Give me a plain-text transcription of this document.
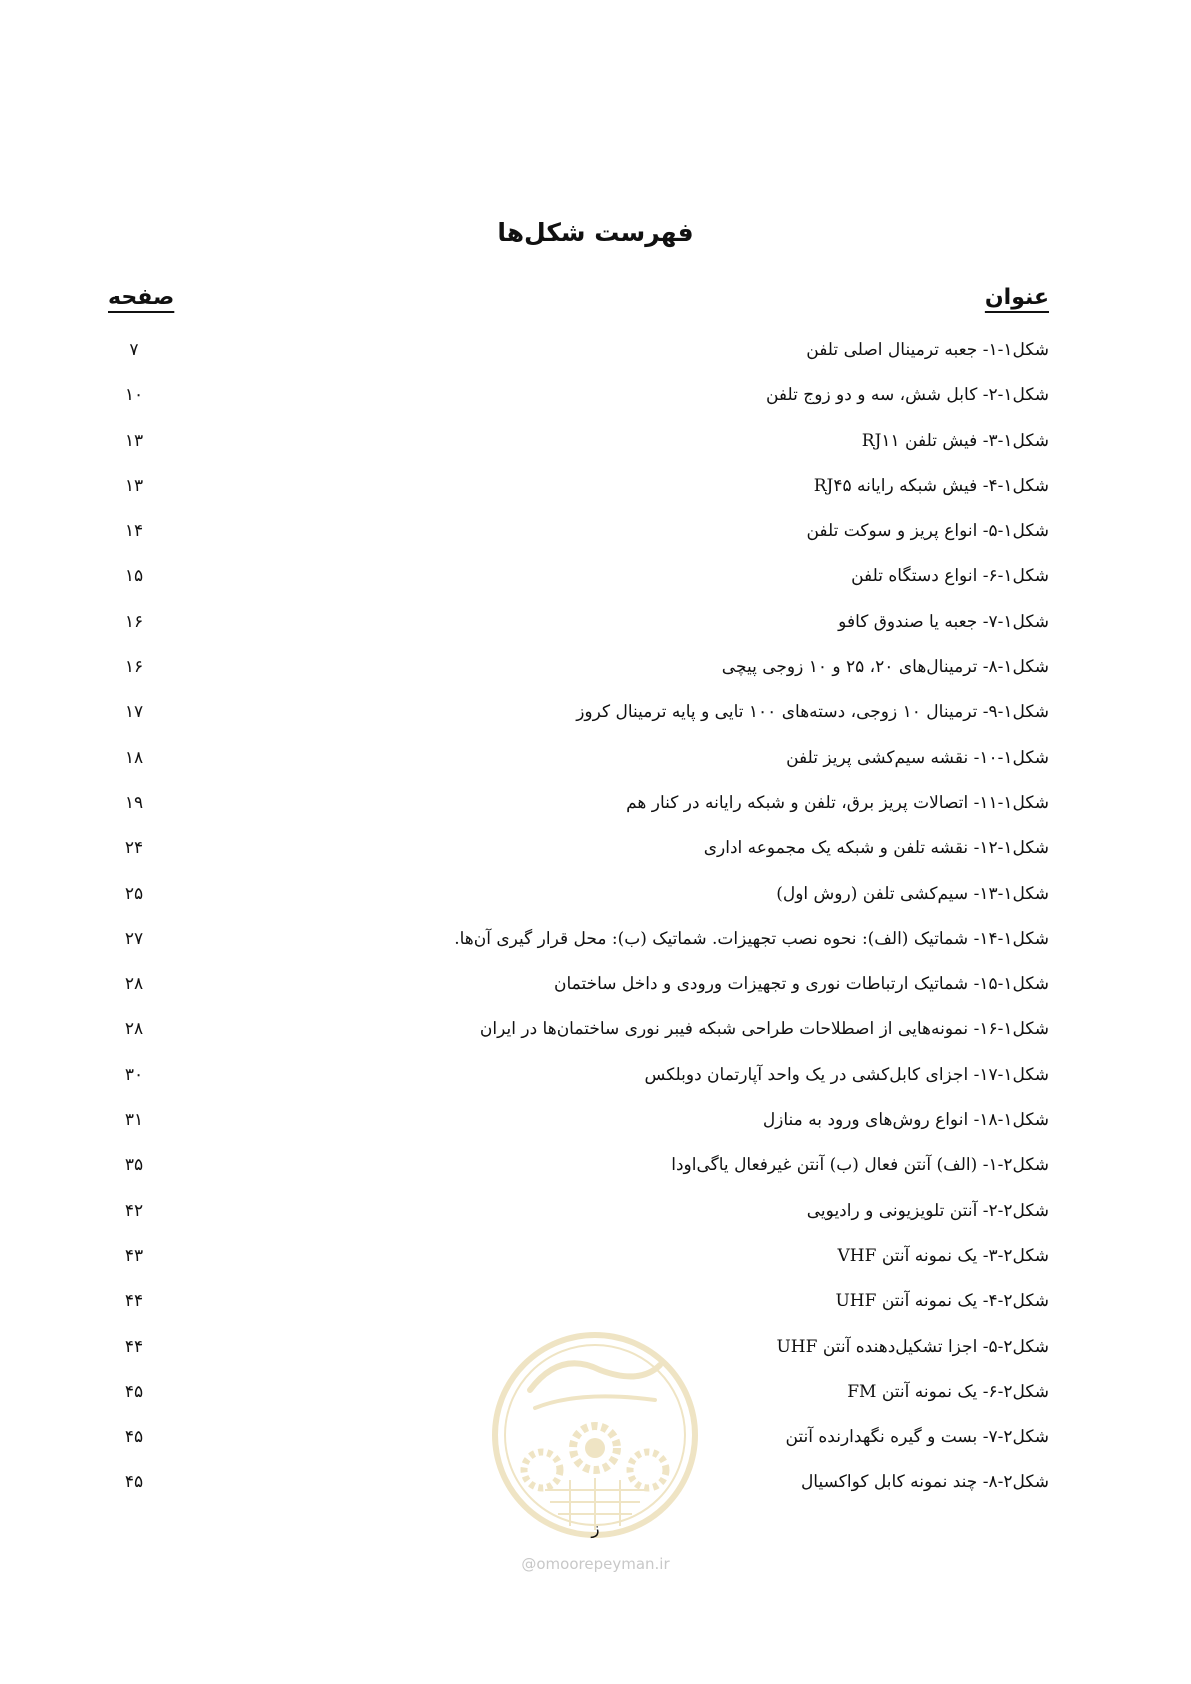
فهرست شکل‌ها
عنوان
صفحه
شکل۱-۱- جعبه ترمینال اصلی تلفن
۷
شکل۱-۲- کابل شش، سه و دو زوج تلفن
۱۰
شکل۱-۳- فیش تلفن RJ۱۱
۱۳
شکل۱-۴- فیش شبکه رایانه RJ۴۵
۱۳
شکل۱-۵- انواع پریز و سوکت تلفن
۱۴
شکل۱-۶- انواع دستگاه تلفن
۱۵
شکل۱-۷- جعبه یا صندوق کافو
۱۶
شکل۱-۸- ترمینال‌های ۲۰، ۲۵ و ۱۰ زوجی پیچی
۱۶
شکل۱-۹- ترمینال ۱۰ زوجی، دسته‌های ۱۰۰ تایی و پایه ترمینال کروز
۱۷
شکل۱-۱۰- نقشه سیم‌کشی پریز تلفن
۱۸
شکل۱-۱۱- اتصالات پریز برق، تلفن و شبکه رایانه در کنار هم
۱۹
شکل۱-۱۲- نقشه تلفن و شبکه یک مجموعه اداری
۲۴
شکل۱-۱۳- سیم‌کشی تلفن (روش اول)
۲۵
شکل۱-۱۴- شماتیک (الف): نحوه نصب تجهیزات. شماتیک (ب): محل قرار گیری آن‌ها.
۲۷
شکل۱-۱۵- شماتیک ارتباطات نوری و تجهیزات ورودی و داخل ساختمان
۲۸
شکل۱-۱۶- نمونه‌هایی از اصطلاحات طراحی شبکه فیبر نوری ساختمان‌ها در ایران
۲۸
شکل۱-۱۷- اجزای کابل‌کشی در یک واحد آپارتمان دوبلکس
۳۰
شکل۱-۱۸- انواع روش‌های ورود به منازل
۳۱
شکل۲-۱- (الف) آنتن فعال (ب) آنتن غیرفعال یاگی‌اودا
۳۵
شکل۲-۲- آنتن تلویزیونی و رادیویی
۴۲
شکل۲-۳- یک نمونه آنتن VHF
۴۳
شکل۲-۴- یک نمونه آنتن UHF
۴۴
شکل۲-۵- اجزا تشکیل‌دهنده آنتن UHF
۴۴
شکل۲-۶- یک نمونه آنتن FM
۴۵
شکل۲-۷- بست و گیره نگهدارنده آنتن
۴۵
شکل۲-۸- چند نمونه کابل کواکسیال
۴۵
ز
@omoorepeyman.ir
